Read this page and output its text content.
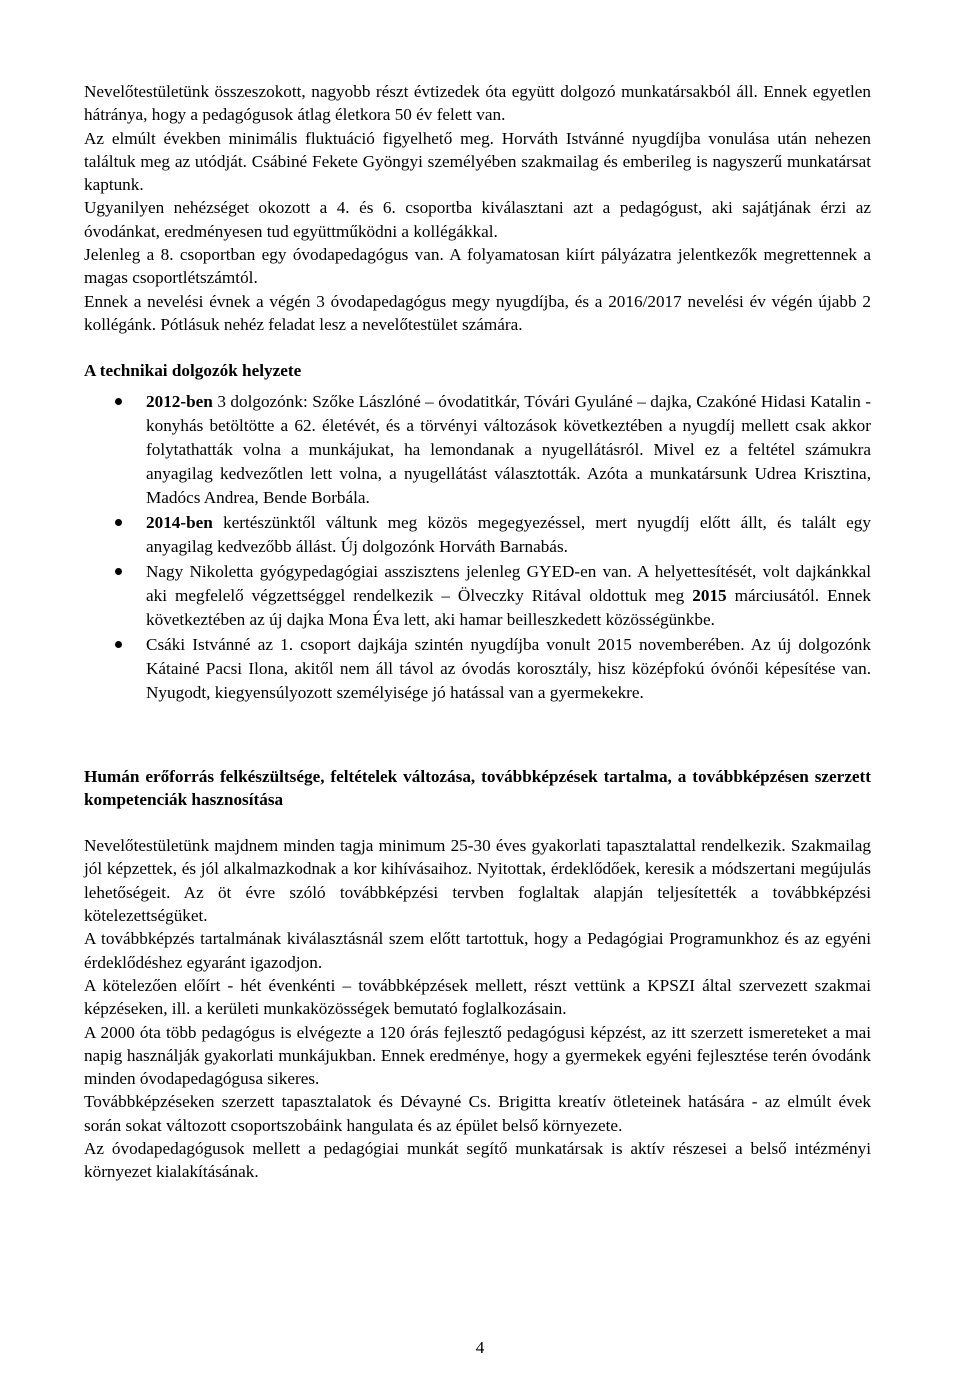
Nevelőtestületünk összeszokott, nagyobb részt évtizedek óta együtt dolgozó munkatársakból áll. Ennek egyetlen hátránya, hogy a pedagógusok átlag életkora 50 év felett van.

Az elmúlt években minimális fluktuáció figyelhető meg. Horváth Istvánné nyugdíjba vonulása után nehezen találtuk meg az utódját. Csábiné Fekete Gyöngyi személyében szakmailag és emberileg is nagyszerű munkatársat kaptunk.

Ugyanilyen nehézséget okozott a 4. és 6. csoportba kiválasztani azt a pedagógust, aki sajátjának érzi az óvodánkat, eredményesen tud együttműködni a kollégákkal.

Jelenleg a 8. csoportban egy óvodapedagógus van. A folyamatosan kiírt pályázatra jelentkezők megrettennek a magas csoportlétszámtól.

Ennek a nevelési évnek a végén 3 óvodapedagógus megy nyugdíjba, és a 2016/2017 nevelési év végén újabb 2 kollégánk. Pótlásuk nehéz feladat lesz a nevelőtestület számára.

A technikai dolgozók helyzete
2012-ben 3 dolgozónk: Szőke Lászlóné – óvodatitkár, Tóvári Gyuláné – dajka, Czakóné Hidasi Katalin - konyhás betöltötte a 62. életévét, és a törvényi változások következtében a nyugdíj mellett csak akkor folytathatták volna a munkájukat, ha lemondanak a nyugellátásról. Mivel ez a feltétel számukra anyagilag kedvezőtlen lett volna, a nyugellátást választották. Azóta a munkatársunk Udrea Krisztina, Madócs Andrea, Bende Borbála.
2014-ben kertészünktől váltunk meg közös megegyezéssel, mert nyugdíj előtt állt, és talált egy anyagilag kedvezőbb állást. Új dolgozónk Horváth Barnabás.
Nagy Nikoletta gyógypedagógiai asszisztens jelenleg GYED-en van. A helyettesítését, volt dajkánkkal aki megfelelő végzettséggel rendelkezik – Ölveczky Ritával oldottuk meg 2015 márciusától. Ennek következtében az új dajka Mona Éva lett, aki hamar beilleszkedett közösségünkbe.
Csáki Istvánné az 1. csoport dajkája szintén nyugdíjba vonult 2015 novemberében. Az új dolgozónk Kátainé Pacsi Ilona, akitől nem áll távol az óvodás korosztály, hisz középfokú óvónői képesítése van. Nyugodt, kiegyensúlyozott személyisége jó hatással van a gyermekekre.
Humán erőforrás felkészültsége, feltételek változása, továbbképzések tartalma, a továbbképzésen szerzett kompetenciák hasznosítása

Nevelőtestületünk majdnem minden tagja minimum 25-30 éves gyakorlati tapasztalattal rendelkezik. Szakmailag jól képzettek, és jól alkalmazkodnak a kor kihívásaihoz. Nyitottak, érdeklődőek, keresik a módszertani megújulás lehetőségeit. Az öt évre szóló továbbképzési tervben foglaltak alapján teljesítették a továbbképzési kötelezettségüket.

A továbbképzés tartalmának kiválasztásnál szem előtt tartottuk, hogy a Pedagógiai Programunkhoz és az egyéni érdeklődéshez egyaránt igazodjon.

A kötelezően előírt - hét évenkénti – továbbképzések mellett, részt vettünk a KPSZI által szervezett szakmai képzéseken, ill. a kerületi munkaközösségek bemutató foglalkozásain.

A 2000 óta több pedagógus is elvégezte a 120 órás fejlesztő pedagógusi képzést, az itt szerzett ismereteket a mai napig használják gyakorlati munkájukban. Ennek eredménye, hogy a gyermekek egyéni fejlesztése terén óvodánk minden óvodapedagógusa sikeres.

Továbbképzéseken szerzett tapasztalatok és Dévayné Cs. Brigitta kreatív ötleteinek hatására - az elmúlt évek során sokat változott csoportszobáink hangulata és az épület belső környezete.

Az óvodapedagógusok mellett a pedagógiai munkát segítő munkatársak is aktív részesei a belső intézményi környezet kialakításának.

4
